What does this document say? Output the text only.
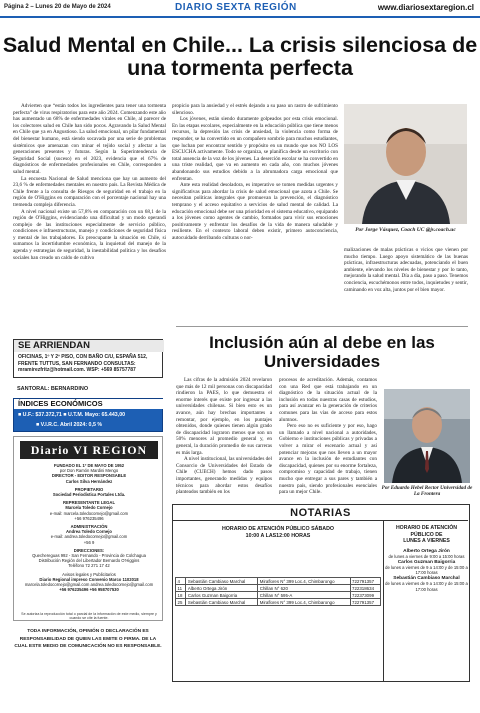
Página 2 – Lunes 20 de Mayo de 2024	DIARIO SEXTA REGIÓN	www.diariosextaregion.cl
Salud Mental en Chile... La crisis silenciosa de una tormenta perfecta

Advierten que “están todos los ingredientes para tener una tormenta perfecta” de virus respiratorios para este año 2024. Comenzando este año has aumentado un 68% de enfermedades virales en Chile, al parecer de los colectores salud en Chile han sido pocos. Agravando la Salud Mental en Chile que ya en Angustioso. La salud emocional, un pilar fundamental del bienestar humano, está siendo socavada por una serie de problemas sistémicos que amenazan con minar el tejido social y afectar a las generaciones presentes y futuras. Según la Superintendencia de Seguridad Social (suceso) en el 2023, evidencia que el 67% de diagnósticos de enfermedades profesionales en Chile, corresponden a salud mental.

La encuesta Nacional de Salud menciona que hay un aumento del 23,6 % de enfermedades mentales en nuestro país. La Revista Médica de Chile frente a la consulta de Riesgos de seguridad en el trabajo en la región de O'Higgins en comparación con el porcentaje nacional hay una tremenda compleja diferencia.

A nivel nacional existe un 57,8% en comparación con un 68,1 de la región de O'Higgins, evidenciando una dificultad y un modo operandi complejo de las instituciones especialmente de servicio público, condiciones e infraestructuras, manejo y condiciones de seguridad física y mental de los trabajadores. Es preocupante la situación en Chile, si sumamos la incertidumbre económica, la inquietud del manejo de la agenda y estrategias de seguridad, la inestabilidad política y los desafíos sociales han creado un caldo de cultivo

propicio para la ansiedad y el estrés dejando a su paso un rastro de sufrimiento silencioso.

Los jóvenes, están siendo duramente golpeados por esta crisis emocional. En las etapas escolares, especialmente en la educación pública que tiene menos recursos, la depresión las crisis de ansiedad, la violencia como forma de responder, se ha convertido en un compañero sombrío para muchos estudiantes, que luchan por encontrar sentido y propósito en un mundo que nos NO LOS ESCUCHA activamente. Todo se organiza, se planifica desde un escritorio con total ausencia de la voz de los jóvenes. La deserción escolar se ha convertido en una triste realidad, que va en aumento en cada año, con muchos jóvenes abandonando sus estudios debido a la abrumadora carga emocional que enfrentan.

Ante esta realidad desoladora, es imperativo se tomen medidas urgentes y significativas para abordar la crisis de salud emocional que azota a Chile. Se necesitan políticas integrales que promuevan la prevención, el diagnóstico temprano y el acceso equitativo a servicios de salud mental de calidad. La educación emocional debe ser una prioridad en el sistema educativo, equipando a los jóvenes como agentes de cambio, formados para vivir sus emociones positivamente y enfrentar los desafíos de la vida de manera saludable y resiliente. En el contexto laboral deben existir, primero autoconciencia, autocuidado derribando culturas o nor-

Por Jorge Vásquez, Coach UC @jv.coach.uc

malizaciones de malas prácticas o vicios que vienen por mucho tiempo. Luego apoyo sistemático de las buenas prácticas, infraestructuras adecuadas, potenciando el buen ambiente, elevando los niveles de bienestar y por lo tanto, mejorando la salud mental. Día a día, paso a paso. Tenemos conciencia, escuchémonos entre todos, inquietudes y sentir, caminando en voz alta, juntos por el bien mayor.

SE ARRIENDAN
OFICINAS, 1º Y 2º PISO, CON BAÑO C/U, ESPAÑA 512, FRENTE TUTTUS, SAN FERNANDO CONSULTAS: mramirezfritz@hotmail.com. WSP: +569 85757787
SANTORAL: BERNARDINO
ÍNDICES ECONÓMICOS
■ U.F.: $37.372,71 ■ U.T.M. Mayo: 65.443,00
■ V.I.R.C. Abril 2024: 0,5 %
Diario VI REGION
FUNDADO EL 1º DE MAYO DE 1952
por Don Ramón Mardini Mengo
DIRECTOR - EDITOR RESPONSABLE
Carlos Silva Hernández
PROPIETARIO
Sociedad Periodística Portales Ltda.
REPRESENTANTE LEGAL
Marcela Toledo Cornejo
e-mail: marcela.toledocornejo@gmail.com
+56 976235496
ADMINISTRACIÓN
Andrea Toledo Cornejo
e-mail: andrea.toledocornejo@gmail.com
+56 9
DIRECCIONES:
Quechereguas 992 - San Fernando - Provincia de Colchagua
Distribución Región del Libertador Bernardo O'Higgins
Teléfono 72 271 17 42
Avisos legales y Publicitarios
Diario Regional impreso Convenio Marco 1102018
marcela.toledocornejo@gmail.com andrea.toledocornejo@gmail.com
+56 976235496 +56 958707530
Se autoriza la reproducción total o parcial de la información de este medio, siempre y cuando se cite la fuente.
TODA INFORMACIÓN, OPINIÓN O DECLARACIÓN ES RESPONSABILIDAD DE QUIEN LAS EMITE O FIRMA. DE LA CUAL ESTE MEDIO DE COMUNICACIÓN NO ES RESPONSABLE.
Inclusión aún al debe en las Universidades

Las cifras de la admisión 2024 revelaron que más de 12 mil personas con discapacidad rindieron la PAES, lo que demuestra el enorme interés que existe por ingresar a las universidades chilenas. Si bien esto es un avance, aún hay brechas importantes a remontar, por ejemplo, en los puntajes obtenidos, donde quienes tienen algún grado de discapacidad lograron menos que son un 50% menores al promedio general y, en general, la duración promedio de sus carreras es más larga.

A nivel institucional, las universidades del Consorcio de Universidades del Estado de Chile (CUECH) hemos dado pasos importantes, generando medidas y equipos técnicos para abordar estos desafíos planteados también en los

procesos de acreditación. Además, contamos con una Red que está trabajando en un diagnóstico de la situación actual de la inclusión en todas nuestras casas de estudios, para así avanzar en la generación de criterios comunes para las vías de acceso para estos alumnos.

Pero eso no es suficiente y por eso, hago un llamado a nivel nacional a autoridades, Gobierno e instituciones públicas y privadas a volver a mirar el escenario actual y así potenciar mejoras que nos lleven a un mayor avance en la inclusión de estudiantes con discapacidad, quienes por su enorme fortaleza, compromiso y capacidad de trabajo, tienen mucho que entregar a sus pares y también a nuestro país, siendo profesionales esenciales para un mejor Chile.

Por Eduardo Hebel Rector Universidad de La Frontera
NOTARIAS
HORARIO DE ATENCIÓN PÚBLICO SÁBADO
10:00 A LAS12:00 HORAS
4	Sebastián Cambiaso Marchal	Miraflores N° 399 Loc.4, Chimbarongo	722791357
11	Alberto Ortega Jirón	Chillan N° 620	722318634
18	Carlos Guzman Baigorria	Chillan N° 595-A	722373099
25	Sebastián Cambiaso Marchal	Miraflores N° 399 Loc.4, Chimbarongo	722791357
HORARIO DE ATENCIÓN PÚBLICO DE
LUNES A VIERNES
Alberto Ortega Jirón
de lunes a viernes de 9:00 a 15:00 horas
Carlos Guzman Baigorria
de lunes a viernes de 9 a 14:00 y de 15:00 a 17:00 horas
Sebastián Cambiaso Marchal
de lunes a viernes de 9 a 14:00 y de 15:00 a 17:00 horas
